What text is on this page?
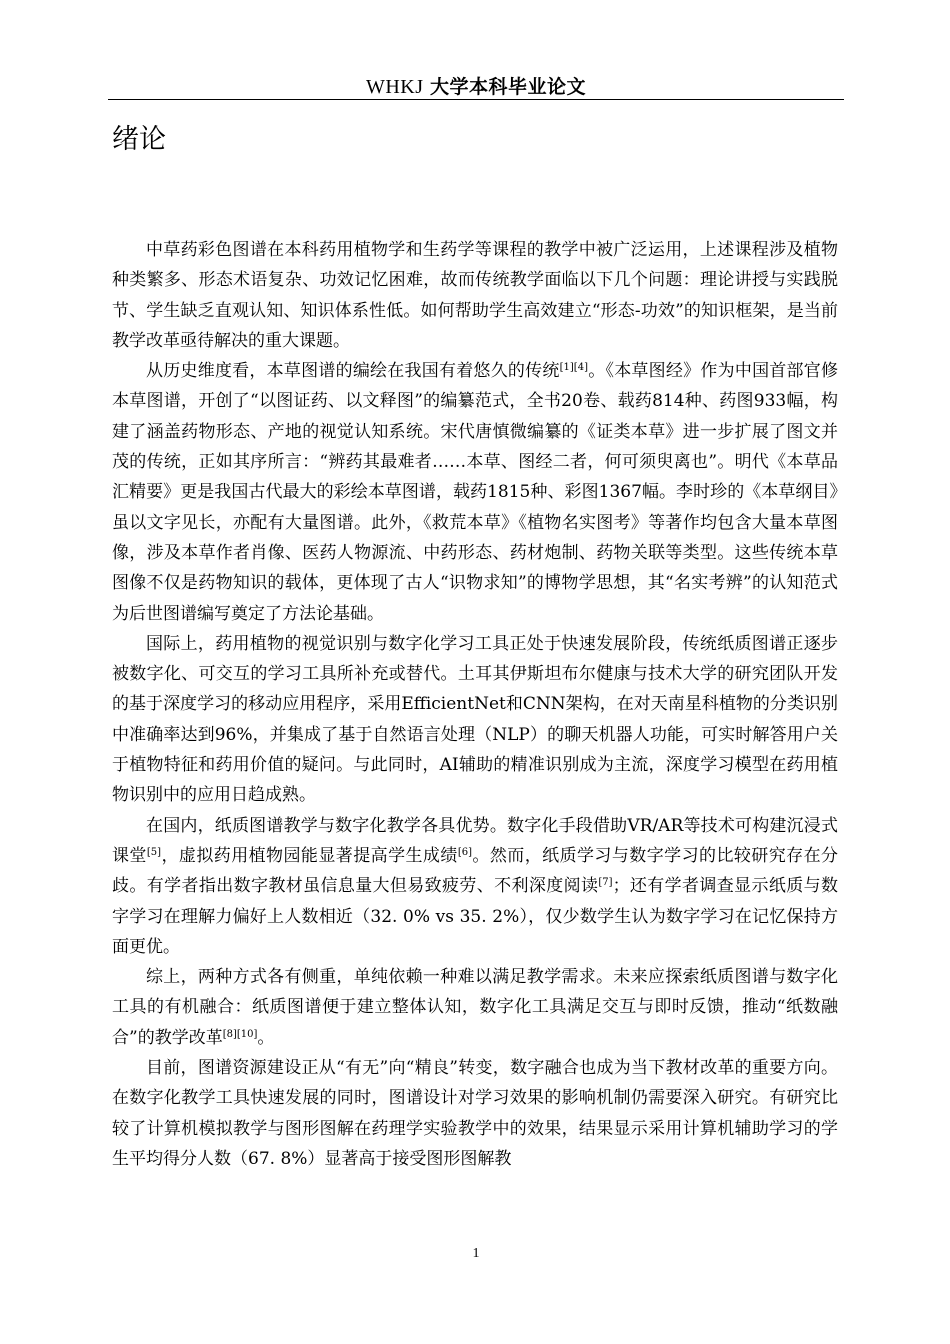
WHKJ 大学本科毕业论文
绪论

中草药彩色图谱在本科药用植物学和生药学等课程的教学中被广泛运用，上述课程涉及植物种类繁多、形态术语复杂、功效记忆困难，故而传统教学面临以下几个问题：理论讲授与实践脱节、学生缺乏直观认知、知识体系性低。如何帮助学生高效建立“形态-功效”的知识框架，是当前教学改革亟待解决的重大课题。

从历史维度看，本草图谱的编绘在我国有着悠久的传统[1][4]。《本草图经》作为中国首部官修本草图谱，开创了“以图证药、以文释图”的编纂范式，全书20卷、载药814种、药图933幅，构建了涵盖药物形态、产地的视觉认知系统。宋代唐慎微编纂的《证类本草》进一步扩展了图文并茂的传统，正如其序所言：“辨药其最难者……本草、图经二者，何可须臾离也”。明代《本草品汇精要》更是我国古代最大的彩绘本草图谱，载药1815种、彩图1367幅。李时珍的《本草纲目》虽以文字见长，亦配有大量图谱。此外，《救荒本草》《植物名实图考》等著作均包含大量本草图像，涉及本草作者肖像、医药人物源流、中药形态、药材炮制、药物关联等类型。这些传统本草图像不仅是药物知识的载体，更体现了古人“识物求知”的博物学思想，其“名实考辨”的认知范式为后世图谱编写奠定了方法论基础。

国际上，药用植物的视觉识别与数字化学习工具正处于快速发展阶段，传统纸质图谱正逐步被数字化、可交互的学习工具所补充或替代。土耳其伊斯坦布尔健康与技术大学的研究团队开发的基于深度学习的移动应用程序，采用EfficientNet和CNN架构，在对天南星科植物的分类识别中准确率达到96%，并集成了基于自然语言处理（NLP）的聊天机器人功能，可实时解答用户关于植物特征和药用价值的疑问。与此同时，AI辅助的精准识别成为主流，深度学习模型在药用植物识别中的应用日趋成熟。

在国内，纸质图谱教学与数字化教学各具优势。数字化手段借助VR/AR等技术可构建沉浸式课堂[5]，虚拟药用植物园能显著提高学生成绩[6]。然而，纸质学习与数字学习的比较研究存在分歧。有学者指出数字教材虽信息量大但易致疲劳、不利深度阅读[7]；还有学者调查显示纸质与数字学习在理解力偏好上人数相近（32. 0% vs 35. 2%），仅少数学生认为数字学习在记忆保持方面更优。

综上，两种方式各有侧重，单纯依赖一种难以满足教学需求。未来应探索纸质图谱与数字化工具的有机融合：纸质图谱便于建立整体认知，数字化工具满足交互与即时反馈，推动“纸数融合”的教学改革[8][10]。

目前，图谱资源建设正从“有无”向“精良”转变，数字融合也成为当下教材改革的重要方向。在数字化教学工具快速发展的同时，图谱设计对学习效果的影响机制仍需要深入研究。有研究比较了计算机模拟教学与图形图解在药理学实验教学中的效果，结果显示采用计算机辅助学习的学生平均得分人数（67. 8%）显著高于接受图形图解教

1
